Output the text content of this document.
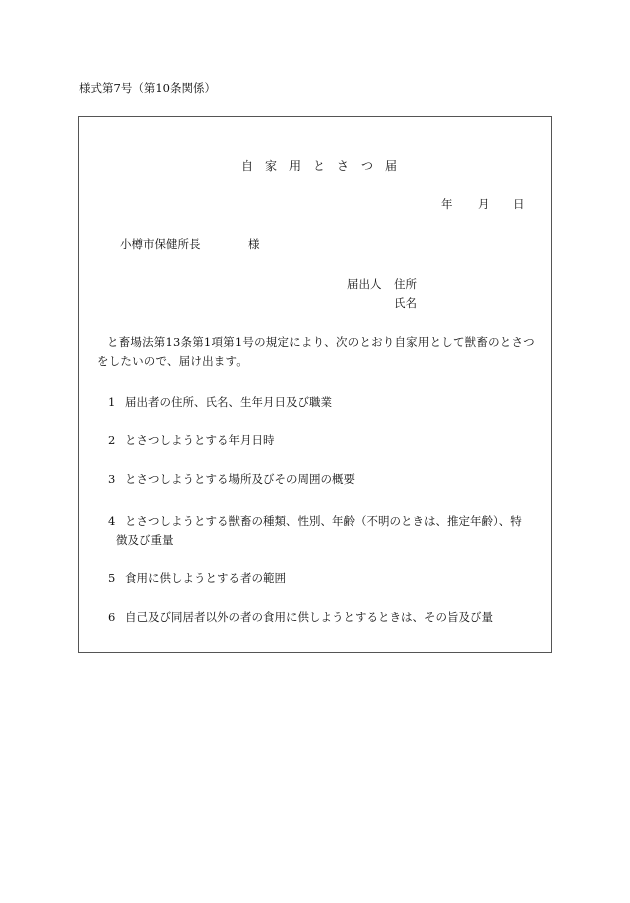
様式第7号（第10条関係）
自家用とさつ届
年 月 日
小樽市保健所長	様
届出人 住所
氏名
と畜場法第13条第1項第1号の規定により、次のとおり自家用として獣畜のとさつをしたいので、届け出ます。
1 届出者の住所、氏名、生年月日及び職業
2 とさつしようとする年月日時
3 とさつしようとする場所及びその周囲の概要
4 とさつしようとする獣畜の種類、性別、年齢（不明のときは、推定年齢）、特
徴及び重量
5 食用に供しようとする者の範囲
6 自己及び同居者以外の者の食用に供しようとするときは、その旨及び量
